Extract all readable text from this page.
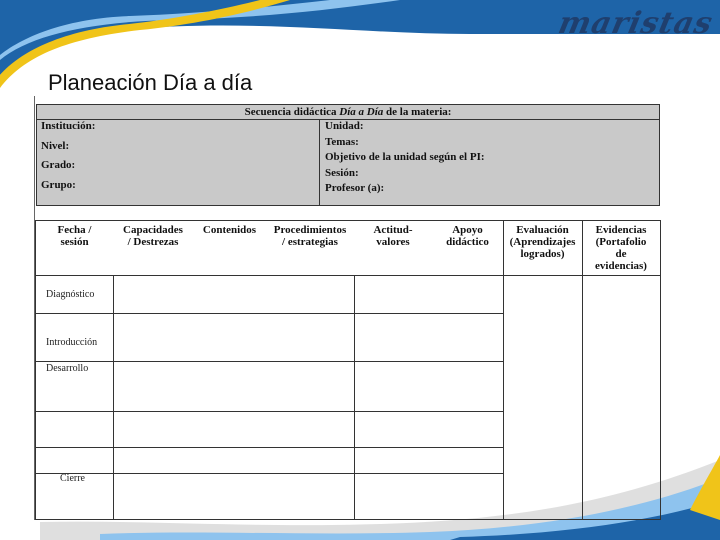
maristas
Planeación Día a día
Secuencia didáctica Día a Día de la materia:
Institución:
Nivel:
Grado:
Grupo:
Unidad:
Temas:
Objetivo de la unidad según el PI:
Sesión:
Profesor (a):
Fecha /
sesión
Capacidades
/ Destrezas
Contenidos	Procedimientos
/ estrategias
Actitud-
valores
Apoyo
didáctico
Evaluación
(Aprendizajes
logrados)
Evidencias
(Portafolio
de
evidencias)
Diagnóstico
Introducción
Desarrollo
Cierre
